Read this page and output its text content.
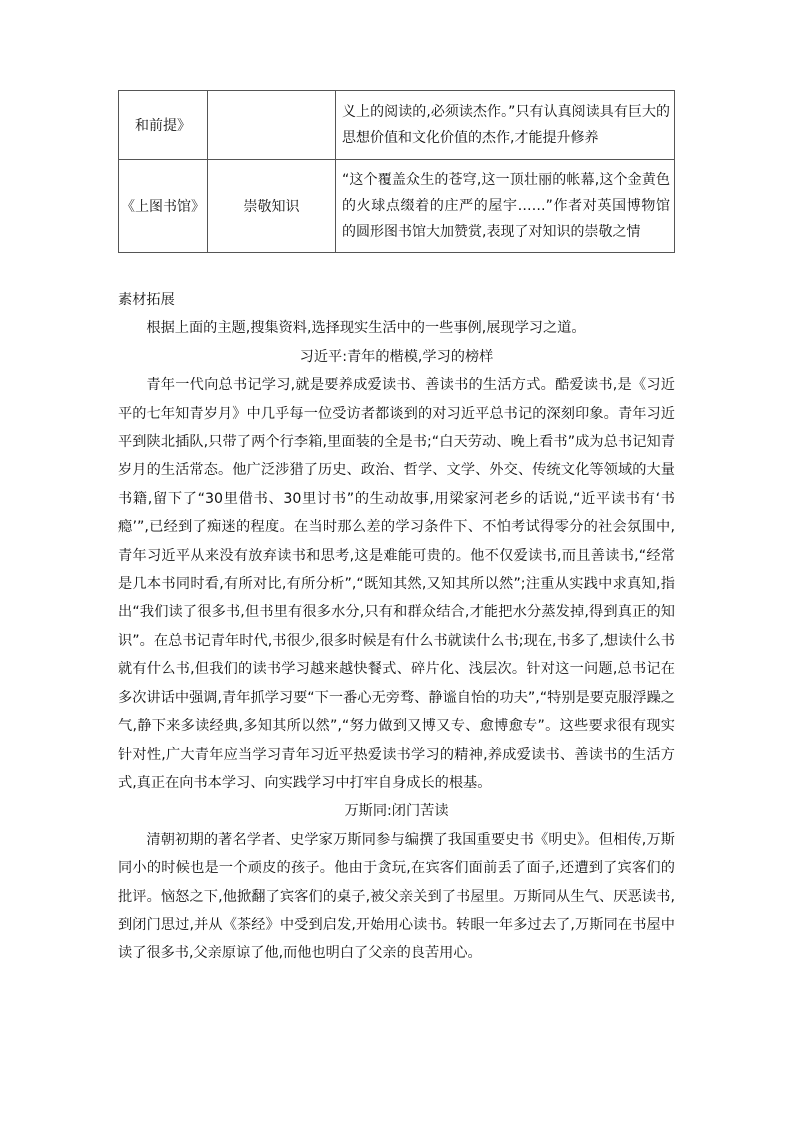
和前提》		义上的阅读的,必须读杰作。”只有认真阅读具有巨大的思想价值和文化价值的杰作,才能提升修养
《上图书馆》	崇敬知识	“这个覆盖众生的苍穹,这一顶壮丽的帐幕,这个金黄色的火球点缀着的庄严的屋宇……”作者对英国博物馆的圆形图书馆大加赞赏,表现了对知识的崇敬之情

素材拓展

根据上面的主题,搜集资料,选择现实生活中的一些事例,展现学习之道。

习近平:青年的楷模,学习的榜样

青年一代向总书记学习,就是要养成爱读书、善读书的生活方式。酷爱读书,是《习近平的七年知青岁月》中几乎每一位受访者都谈到的对习近平总书记的深刻印象。青年习近平到陕北插队,只带了两个行李箱,里面装的全是书;“白天劳动、晚上看书”成为总书记知青岁月的生活常态。他广泛涉猎了历史、政治、哲学、文学、外交、传统文化等领域的大量书籍,留下了“30里借书、30里讨书”的生动故事,用梁家河老乡的话说,“近平读书有‘书瘾’”,已经到了痴迷的程度。在当时那么差的学习条件下、不怕考试得零分的社会氛围中,青年习近平从来没有放弃读书和思考,这是难能可贵的。他不仅爱读书,而且善读书,“经常是几本书同时看,有所对比,有所分析”,“既知其然,又知其所以然”;注重从实践中求真知,指出“我们读了很多书,但书里有很多水分,只有和群众结合,才能把水分蒸发掉,得到真正的知识”。在总书记青年时代,书很少,很多时候是有什么书就读什么书;现在,书多了,想读什么书就有什么书,但我们的读书学习越来越快餐式、碎片化、浅层次。针对这一问题,总书记在多次讲话中强调,青年抓学习要“下一番心无旁骛、静谧自怡的功夫”,“特别是要克服浮躁之气,静下来多读经典,多知其所以然”,“努力做到又博又专、愈博愈专”。这些要求很有现实针对性,广大青年应当学习青年习近平热爱读书学习的精神,养成爱读书、善读书的生活方式,真正在向书本学习、向实践学习中打牢自身成长的根基。

万斯同:闭门苦读

清朝初期的著名学者、史学家万斯同参与编撰了我国重要史书《明史》。但相传,万斯同小的时候也是一个顽皮的孩子。他由于贪玩,在宾客们面前丢了面子,还遭到了宾客们的批评。恼怒之下,他掀翻了宾客们的桌子,被父亲关到了书屋里。万斯同从生气、厌恶读书,到闭门思过,并从《茶经》中受到启发,开始用心读书。转眼一年多过去了,万斯同在书屋中读了很多书,父亲原谅了他,而他也明白了父亲的良苦用心。
